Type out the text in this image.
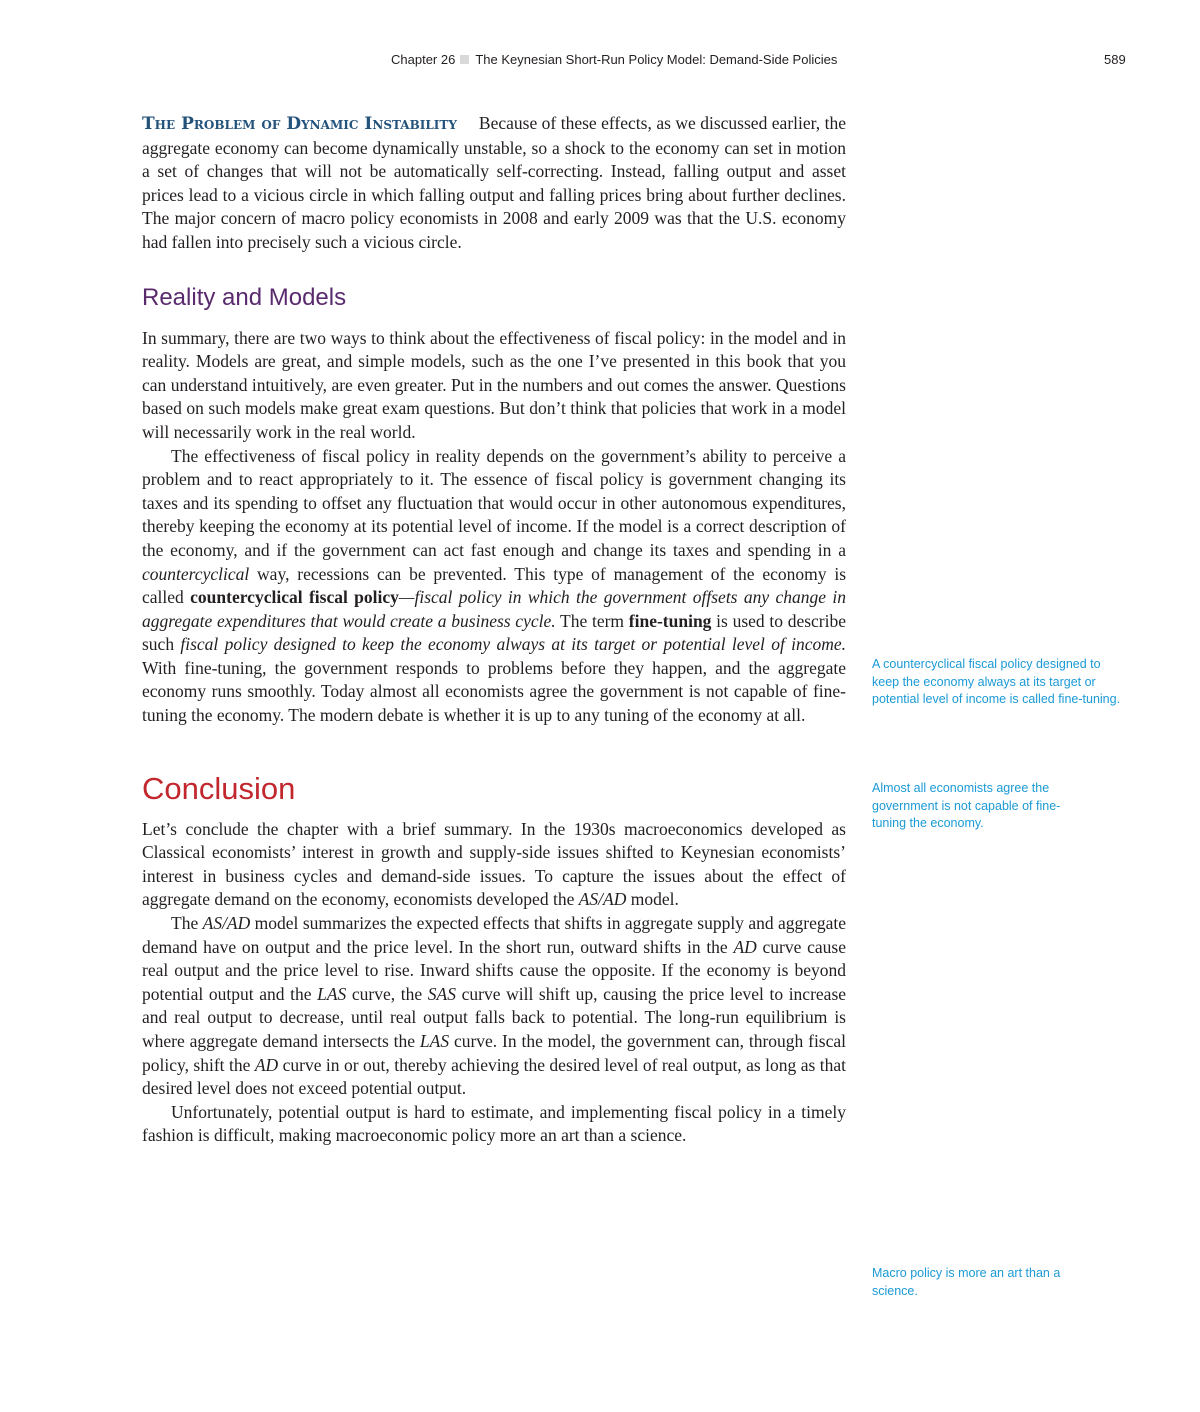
Chapter 26 The Keynesian Short-Run Policy Model: Demand-Side Policies	589

The Problem of Dynamic Instability Because of these effects, as we discussed earlier, the aggregate economy can become dynamically unstable, so a shock to the economy can set in motion a set of changes that will not be automatically self-correcting. Instead, falling output and asset prices lead to a vicious circle in which falling output and falling prices bring about further declines. The major concern of macro policy economists in 2008 and early 2009 was that the U.S. economy had fallen into precisely such a vicious circle.

Reality and Models

In summary, there are two ways to think about the effectiveness of fiscal policy: in the model and in reality. Models are great, and simple models, such as the one I’ve presented in this book that you can understand intuitively, are even greater. Put in the numbers and out comes the answer. Questions based on such models make great exam questions. But don’t think that policies that work in a model will necessarily work in the real world.

The effectiveness of fiscal policy in reality depends on the government’s ability to perceive a problem and to react appropriately to it. The essence of fiscal policy is government changing its taxes and its spending to offset any fluctuation that would occur in other autonomous expenditures, thereby keeping the economy at its potential level of income. If the model is a correct description of the economy, and if the government can act fast enough and change its taxes and spending in a countercyclical way, recessions can be prevented. This type of management of the economy is called countercyclical fiscal policy—fiscal policy in which the government offsets any change in aggregate expenditures that would create a business cycle. The term fine-tuning is used to describe such fiscal policy designed to keep the economy always at its target or potential level of income. With fine-tuning, the government responds to problems before they happen, and the aggregate economy runs smoothly. Today almost all economists agree the government is not capable of fine-tuning the economy. The modern debate is whether it is up to any tuning of the economy at all.

Conclusion

Let’s conclude the chapter with a brief summary. In the 1930s macroeconomics developed as Classical economists’ interest in growth and supply-side issues shifted to Keynesian economists’ interest in business cycles and demand-side issues. To capture the issues about the effect of aggregate demand on the economy, economists developed the AS/AD model.

The AS/AD model summarizes the expected effects that shifts in aggregate supply and aggregate demand have on output and the price level. In the short run, outward shifts in the AD curve cause real output and the price level to rise. Inward shifts cause the opposite. If the economy is beyond potential output and the LAS curve, the SAS curve will shift up, causing the price level to increase and real output to decrease, until real output falls back to potential. The long-run equilibrium is where aggregate demand intersects the LAS curve. In the model, the government can, through fiscal policy, shift the AD curve in or out, thereby achieving the desired level of real output, as long as that desired level does not exceed potential output.

Unfortunately, potential output is hard to estimate, and implementing fiscal policy in a timely fashion is difficult, making macroeconomic policy more an art than a science.

A countercyclical fiscal policy designed to keep the economy always at its target or potential level of income is called fine-tuning.
Almost all economists agree the government is not capable of fine-tuning the economy.
Macro policy is more an art than a science.
